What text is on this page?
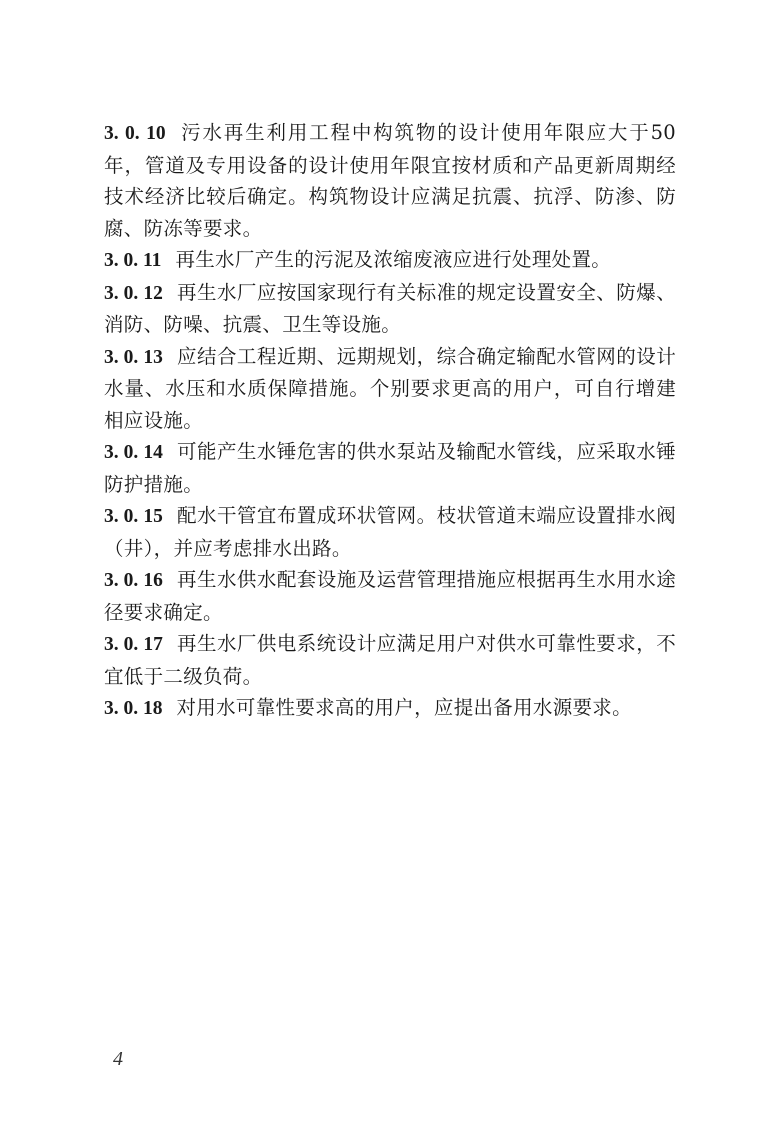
3. 0. 10 污水再生利用工程中构筑物的设计使用年限应大于50年，管道及专用设备的设计使用年限宜按材质和产品更新周期经技术经济比较后确定。构筑物设计应满足抗震、抗浮、防渗、防腐、防冻等要求。

3. 0. 11 再生水厂产生的污泥及浓缩废液应进行处理处置。

3. 0. 12 再生水厂应按国家现行有关标准的规定设置安全、防爆、消防、防噪、抗震、卫生等设施。

3. 0. 13 应结合工程近期、远期规划，综合确定输配水管网的设计水量、水压和水质保障措施。个别要求更高的用户，可自行增建相应设施。

3. 0. 14 可能产生水锤危害的供水泵站及输配水管线，应采取水锤防护措施。

3. 0. 15 配水干管宜布置成环状管网。枝状管道末端应设置排水阀（井），并应考虑排水出路。

3. 0. 16 再生水供水配套设施及运营管理措施应根据再生水用水途径要求确定。

3. 0. 17 再生水厂供电系统设计应满足用户对供水可靠性要求，不宜低于二级负荷。

3. 0. 18 对用水可靠性要求高的用户，应提出备用水源要求。

4
